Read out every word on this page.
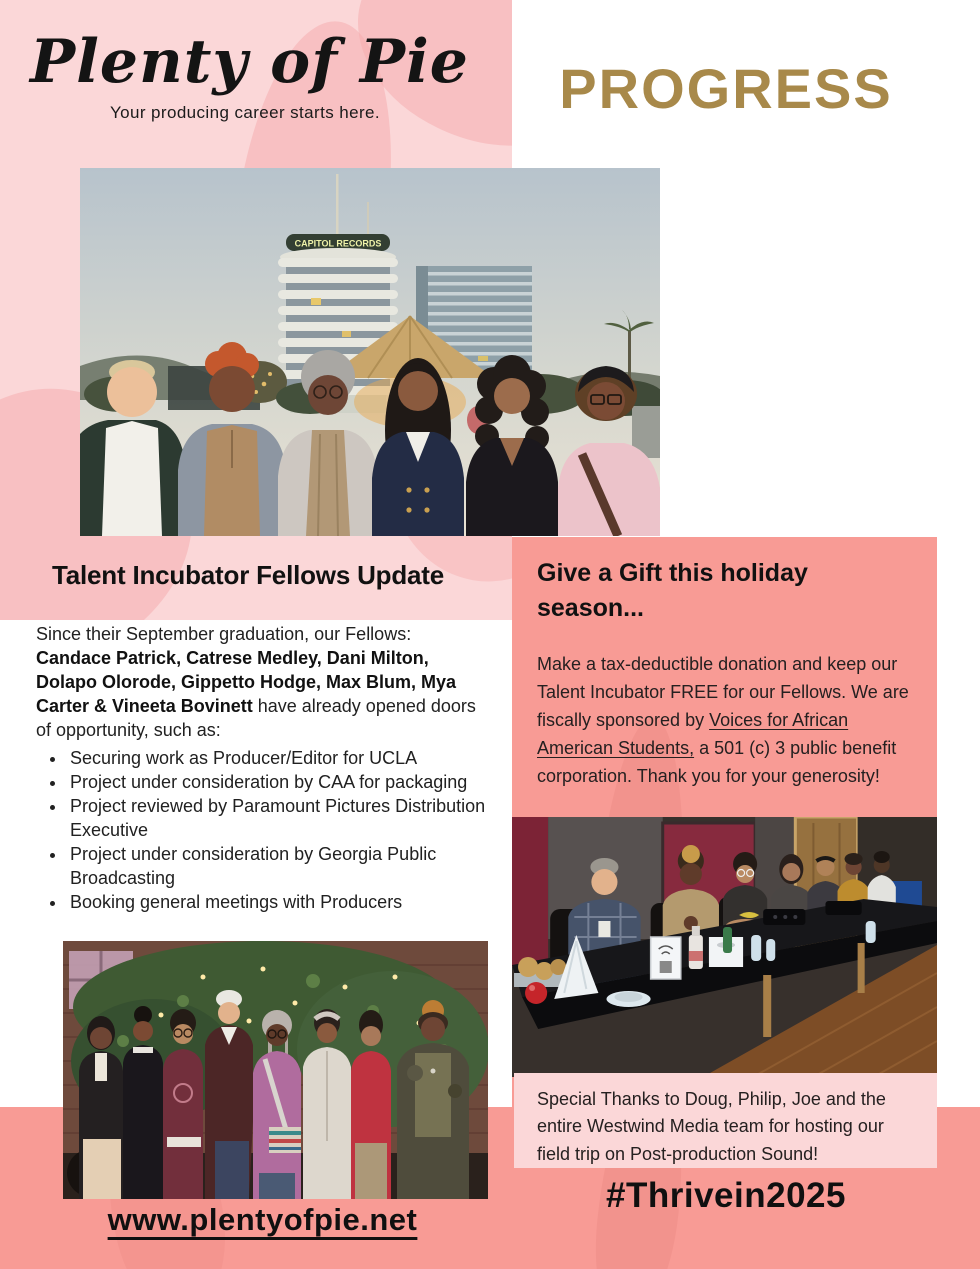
Plenty of Pie
Your producing career starts here.	PROGRESS
CAPITOL RECORDS
Talent Incubator Fellows Update

Since their September graduation, our Fellows: Candace Patrick, Catrese Medley, Dani Milton, Dolapo Olorode, Gippetto Hodge, Max Blum, Mya Carter & Vineeta Bovinett have already opened doors of opportunity, such as:

• Securing work as Producer/Editor for UCLA
• Project under consideration by CAA for packaging
• Project reviewed by Paramount Pictures Distribution Executive
• Project under consideration by Georgia Public Broadcasting
• Booking general meetings with Producers
Give a Gift this holiday season...
Make a tax-deductible donation and keep our Talent Incubator FREE for our Fellows. We are fiscally sponsored by Voices for African American Students, a 501 (c) 3 public benefit corporation. Thank you for your generosity!
Special Thanks to Doug, Philip, Joe and the entire Westwind Media team for hosting our field trip on Post-production Sound!
#Thrivein2025
www.plentyofpie.net
